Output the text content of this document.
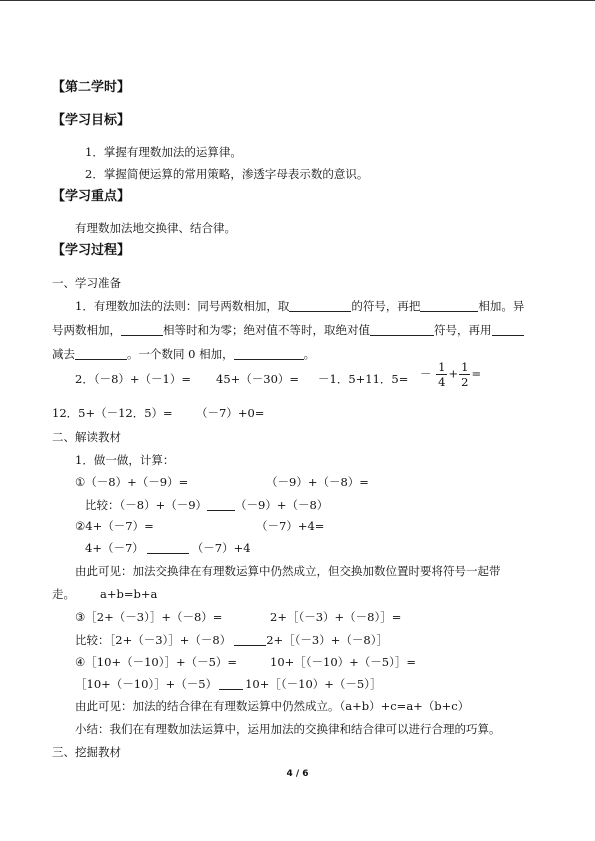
【第二学时】
【学习目标】
1．掌握有理数加法的运算律。
2．掌握简便运算的常用策略，渗透字母表示数的意识。
【学习重点】
有理数加法地交换律、结合律。
【学习过程】
一、学习准备
1．有理数加法的法则：同号两数相加，取	的符号，再把	相加。异
号两数相加，	相等时和为零；绝对值不等时，取绝对值	符号，再用
减去	。一个数同 0 相加，	。
2．（－8）+（－1）= 45+（－30）= －1．5+11．$5= - \frac{1}{4} + \frac{1}{2}$ =
12．5+（－12．5）= （－7）+0=
二、解读教材
1．做一做，计算：
①（－8）+（－9）=	（－9）+（－8）=
比较：（－8）+（－9） （－9）+（－8）
②4+（－7）=	（－7）+4=
4+（－7）	（－7）+4
由此可见：加法交换律在有理数运算中仍然成立，但交换加数位置时要将符号一起带
走。 a+b=b+a
③［2+（－3）］+（－8）=	2+［（－3）+（－8）］=
比较：［2+（－3）］+（－8）	2+［（－3）+（－8）］
④［10+（－10）］+（－5）=	10+［（－10）+（－5）］=
［10+（－10）］+（－5） 10+［（－10）+（－5）］
由此可见：加法的结合律在有理数运算中仍然成立。（a+b）+c=a+（b+c）
小结：我们在有理数加法运算中，运用加法的交换律和结合律可以进行合理的巧算。
三、挖掘教材
4 / 6
